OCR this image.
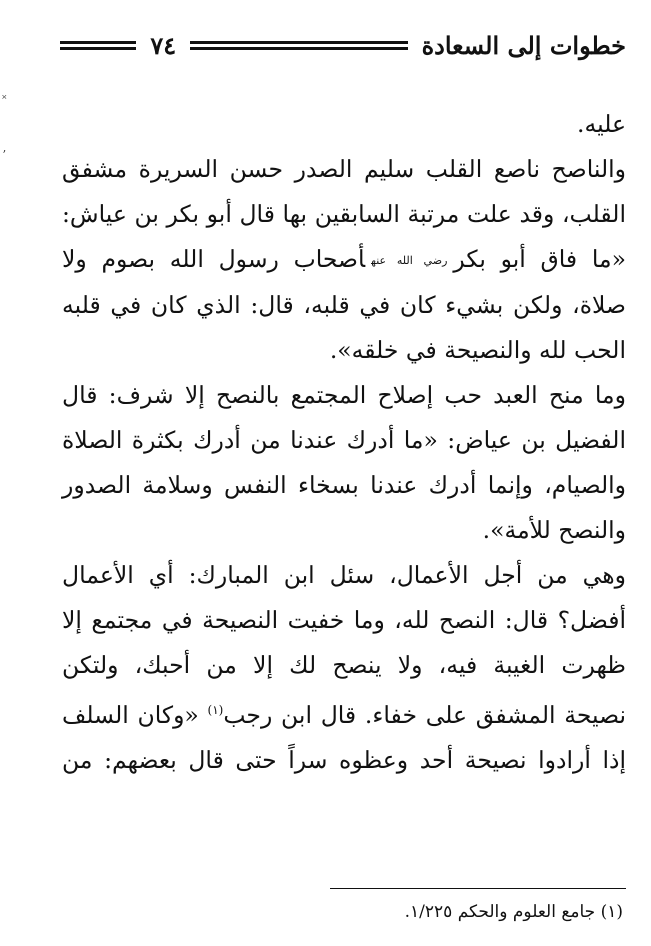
خطوات إلى السعادة
٧٤
˟
ʼ
عليه.
والناصح ناصع القلب سليم الصدر حسن السريرة مشفق
القلب، وقد علت مرتبة السابقين بها قال أبو بكر بن عياش:
«ما فاق أبو بكررضي الله عنهأصحاب رسول الله بصوم ولا
صلاة، ولكن بشيء كان في قلبه، قال: الذي كان في قلبه
الحب لله والنصيحة في خلقه».
وما منح العبد حب إصلاح المجتمع بالنصح إلا شرف: قال
الفضيل بن عياض: «ما أدرك عندنا من أدرك بكثرة الصلاة
والصيام، وإنما أدرك عندنا بسخاء النفس وسلامة الصدور
والنصح للأمة».
وهي من أجل الأعمال، سئل ابن المبارك: أي الأعمال
أفضل؟ قال: النصح لله، وما خفيت النصيحة في مجتمع إلا
ظهرت الغيبة فيه، ولا ينصح لك إلا من أحبك، ولتكن
نصيحة المشفق على خفاء. قال ابن رجب$^{(١)}$ «وكان السلف
إذا أرادوا نصيحة أحد وعظوه سراً حتى قال بعضهم: من
(١) جامع العلوم والحكم ١/٢٢٥.
